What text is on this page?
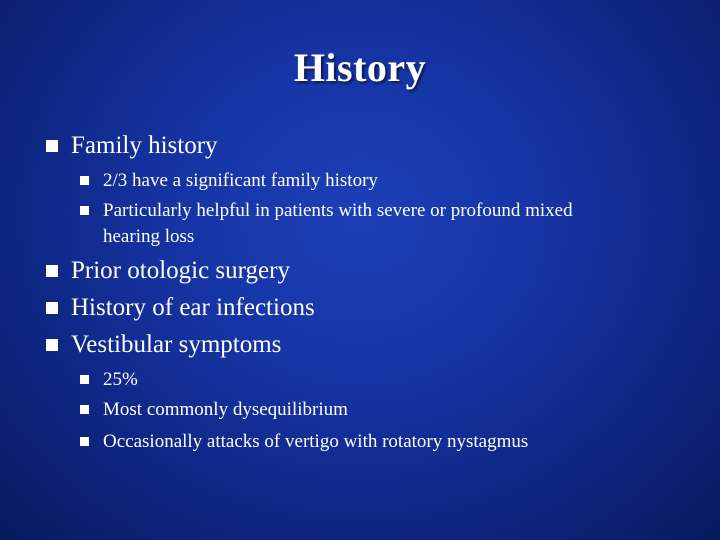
History
Family history
2/3 have a significant family history
Particularly helpful in patients with severe or profound mixed
hearing loss
Prior otologic surgery
History of ear infections
Vestibular symptoms
25%
Most commonly dysequilibrium
Occasionally attacks of vertigo with rotatory nystagmus
